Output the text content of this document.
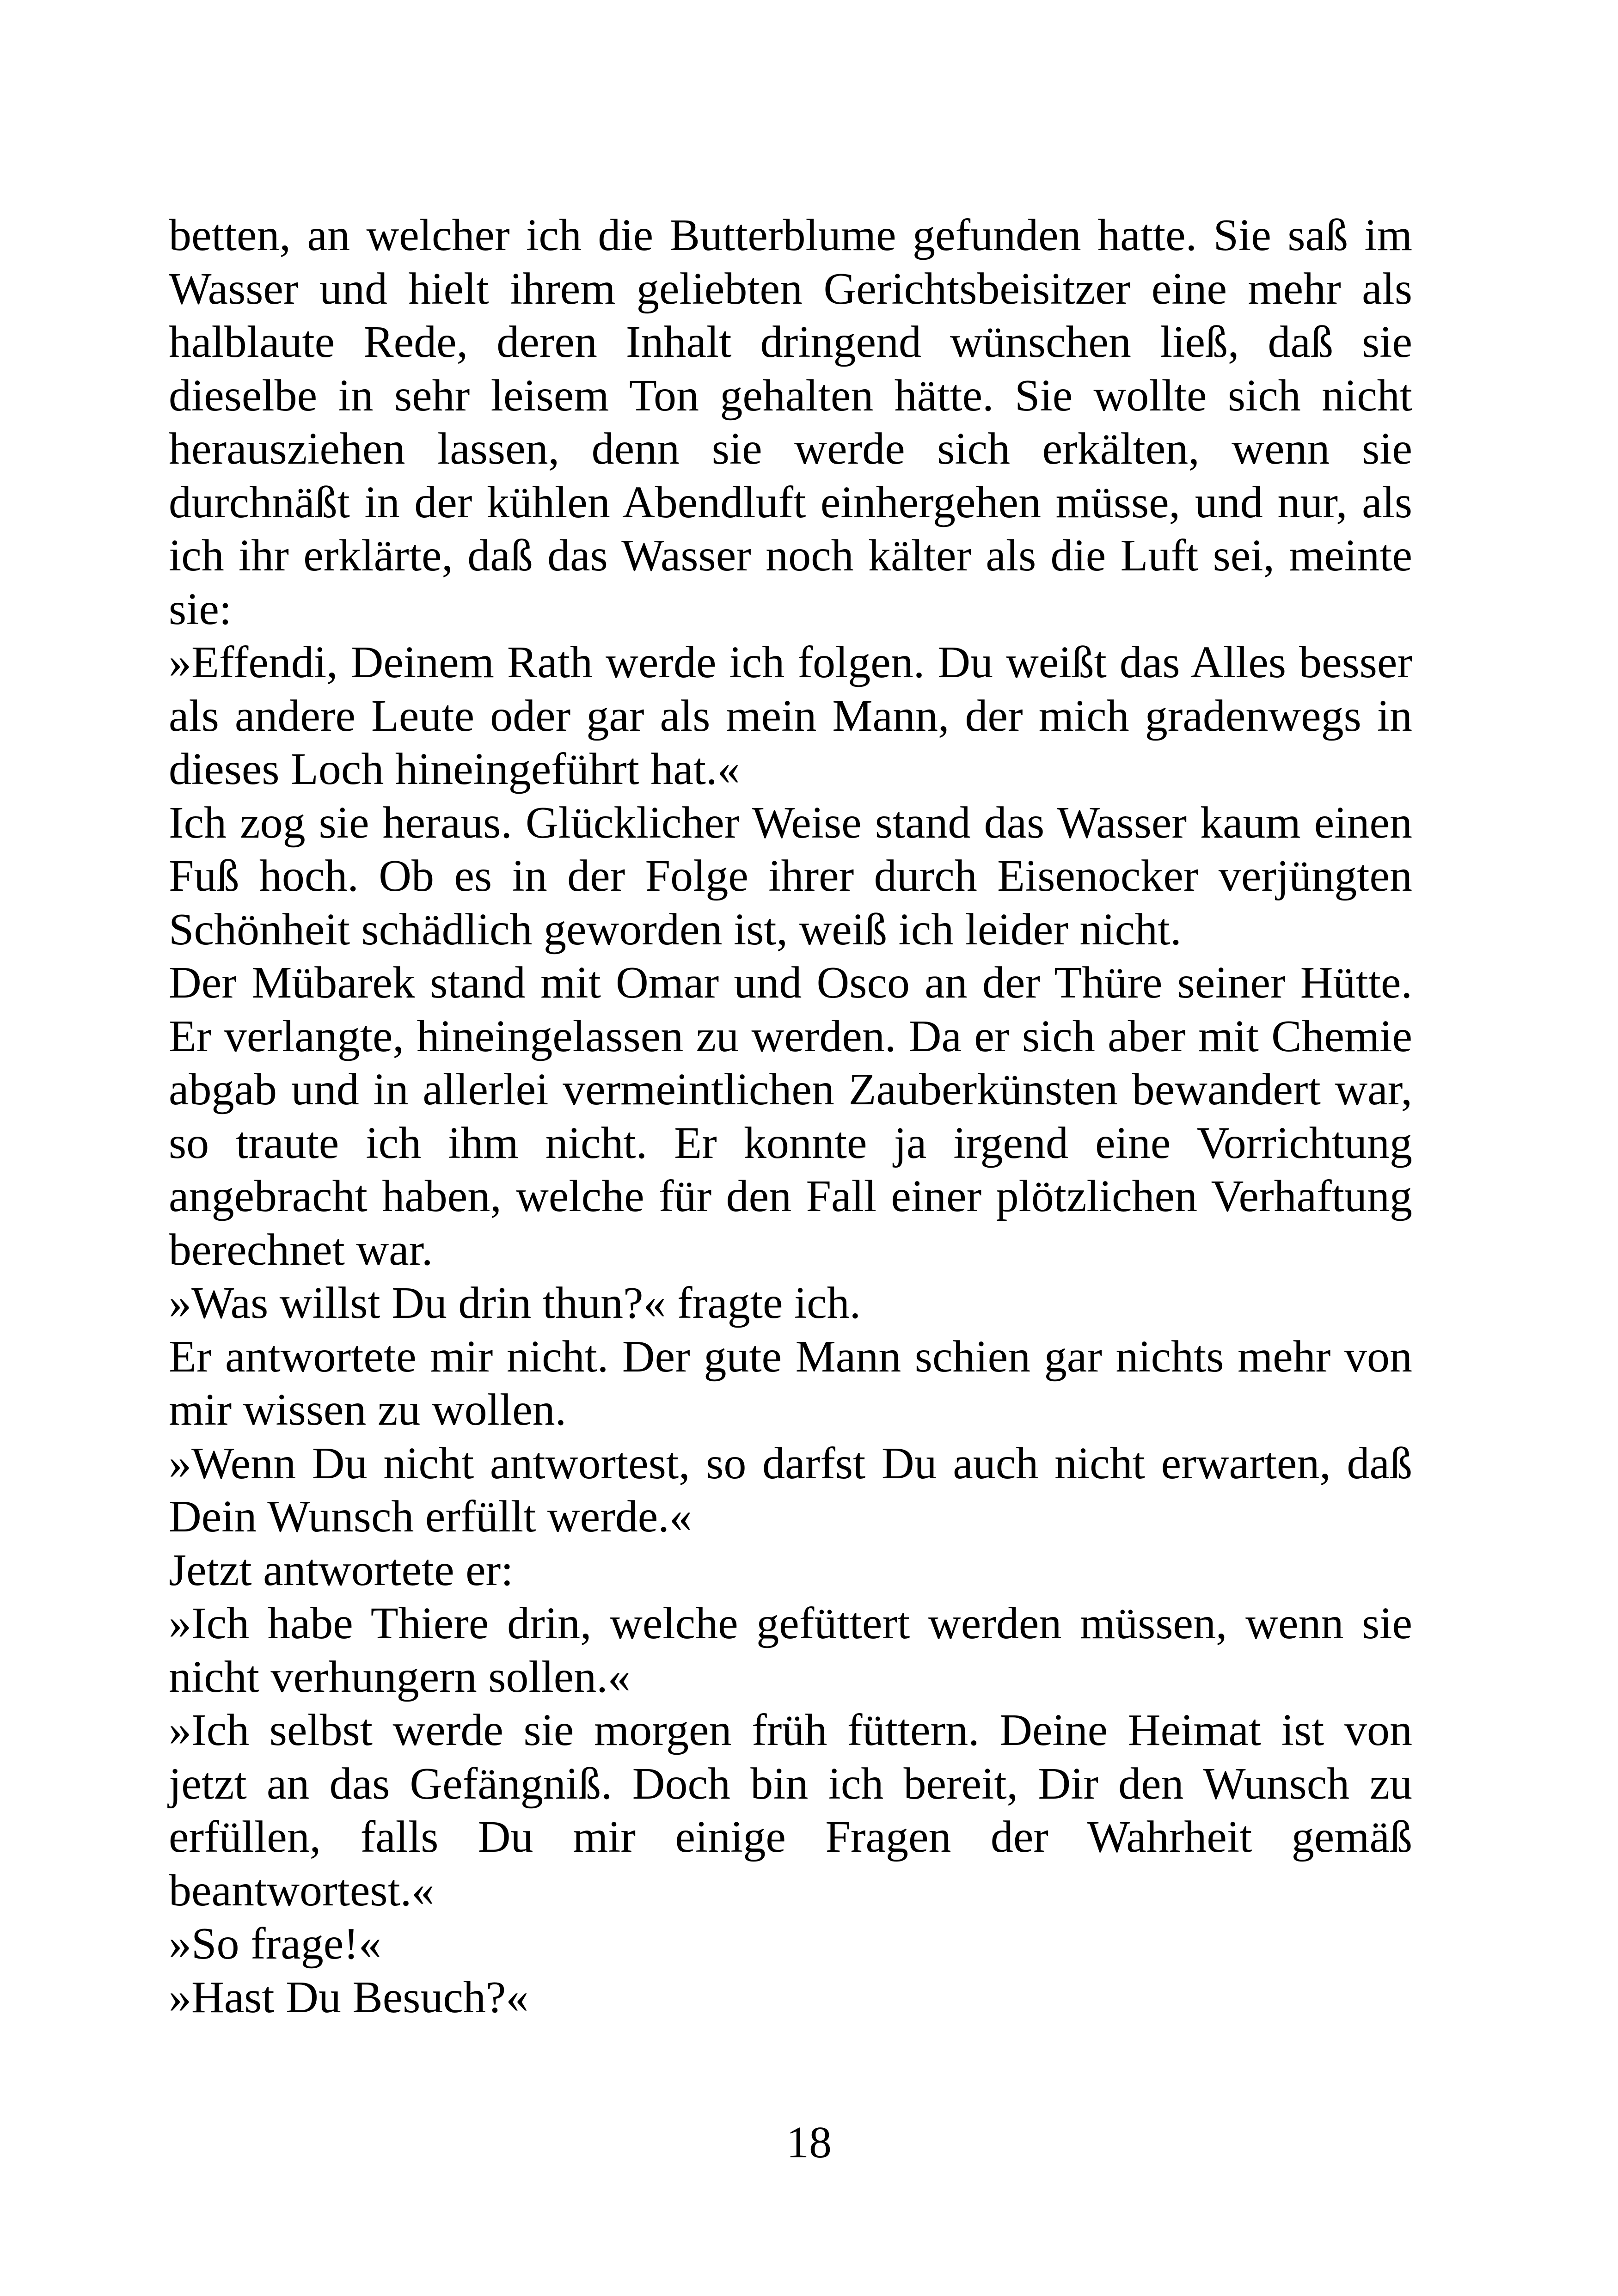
betten, an welcher ich die Butterblume gefunden hatte. Sie saß im Wasser und hielt ihrem geliebten Gerichtsbeisitzer eine mehr als halblaute Rede, deren Inhalt dringend wünschen ließ, daß sie dieselbe in sehr leisem Ton gehalten hätte. Sie wollte sich nicht herausziehen lassen, denn sie werde sich erkälten, wenn sie durchnäßt in der kühlen Abendluft einhergehen müsse, und nur, als ich ihr erklärte, daß das Wasser noch kälter als die Luft sei, meinte sie:

»Effendi, Deinem Rath werde ich folgen. Du weißt das Alles besser als andere Leute oder gar als mein Mann, der mich gradenwegs in dieses Loch hineingeführt hat.«

Ich zog sie heraus. Glücklicher Weise stand das Wasser kaum einen Fuß hoch. Ob es in der Folge ihrer durch Eisenocker verjüngten Schönheit schädlich geworden ist, weiß ich leider nicht.

Der Mübarek stand mit Omar und Osco an der Thüre seiner Hütte. Er verlangte, hineingelassen zu werden. Da er sich aber mit Chemie abgab und in allerlei vermeintlichen Zauberkünsten bewandert war, so traute ich ihm nicht. Er konnte ja irgend eine Vorrichtung angebracht haben, welche für den Fall einer plötzlichen Verhaftung berechnet war.

»Was willst Du drin thun?« fragte ich.

Er antwortete mir nicht. Der gute Mann schien gar nichts mehr von mir wissen zu wollen.

»Wenn Du nicht antwortest, so darfst Du auch nicht erwarten, daß Dein Wunsch erfüllt werde.«

Jetzt antwortete er:

»Ich habe Thiere drin, welche gefüttert werden müssen, wenn sie nicht verhungern sollen.«

»Ich selbst werde sie morgen früh füttern. Deine Heimat ist von jetzt an das Gefängniß. Doch bin ich bereit, Dir den Wunsch zu erfüllen, falls Du mir einige Fragen der Wahrheit gemäß beantwortest.«

»So frage!«

»Hast Du Besuch?«

18
